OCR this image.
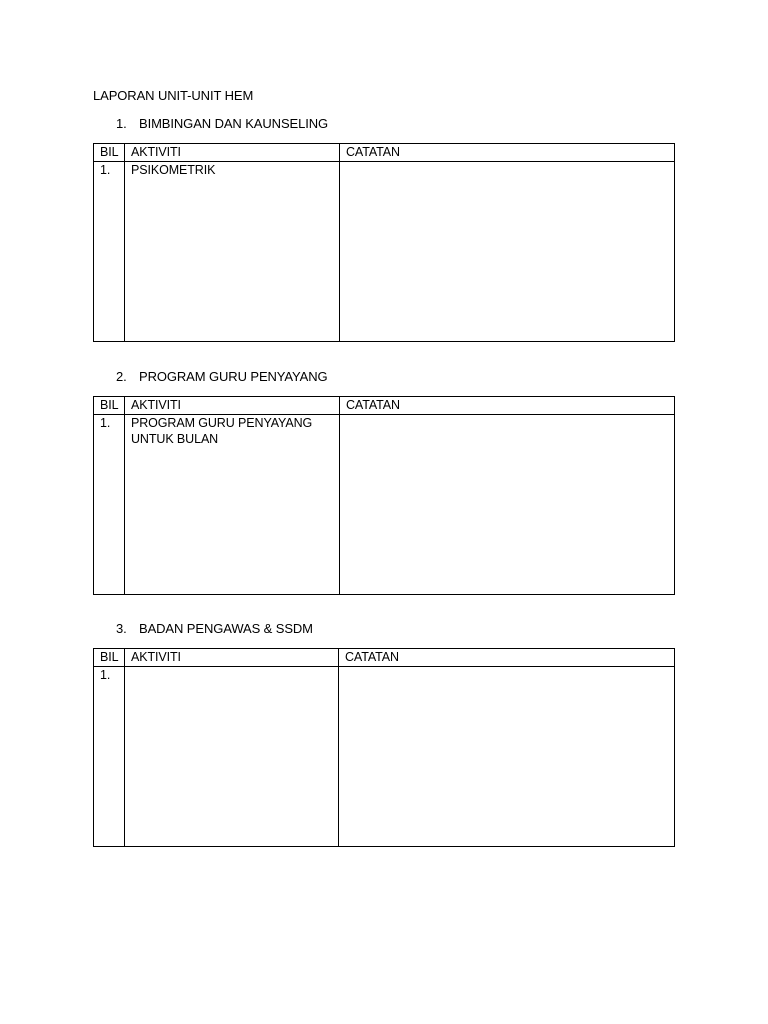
LAPORAN UNIT-UNIT HEM
1. BIMBINGAN DAN KAUNSELING
BIL	AKTIVITI	CATATAN
1.	PSIKOMETRIK	
2. PROGRAM GURU PENYAYANG
BIL	AKTIVITI	CATATAN
1.	PROGRAM GURU PENYAYANG
UNTUK BULAN	
3. BADAN PENGAWAS & SSDM
BIL	AKTIVITI	CATATAN
1.		
